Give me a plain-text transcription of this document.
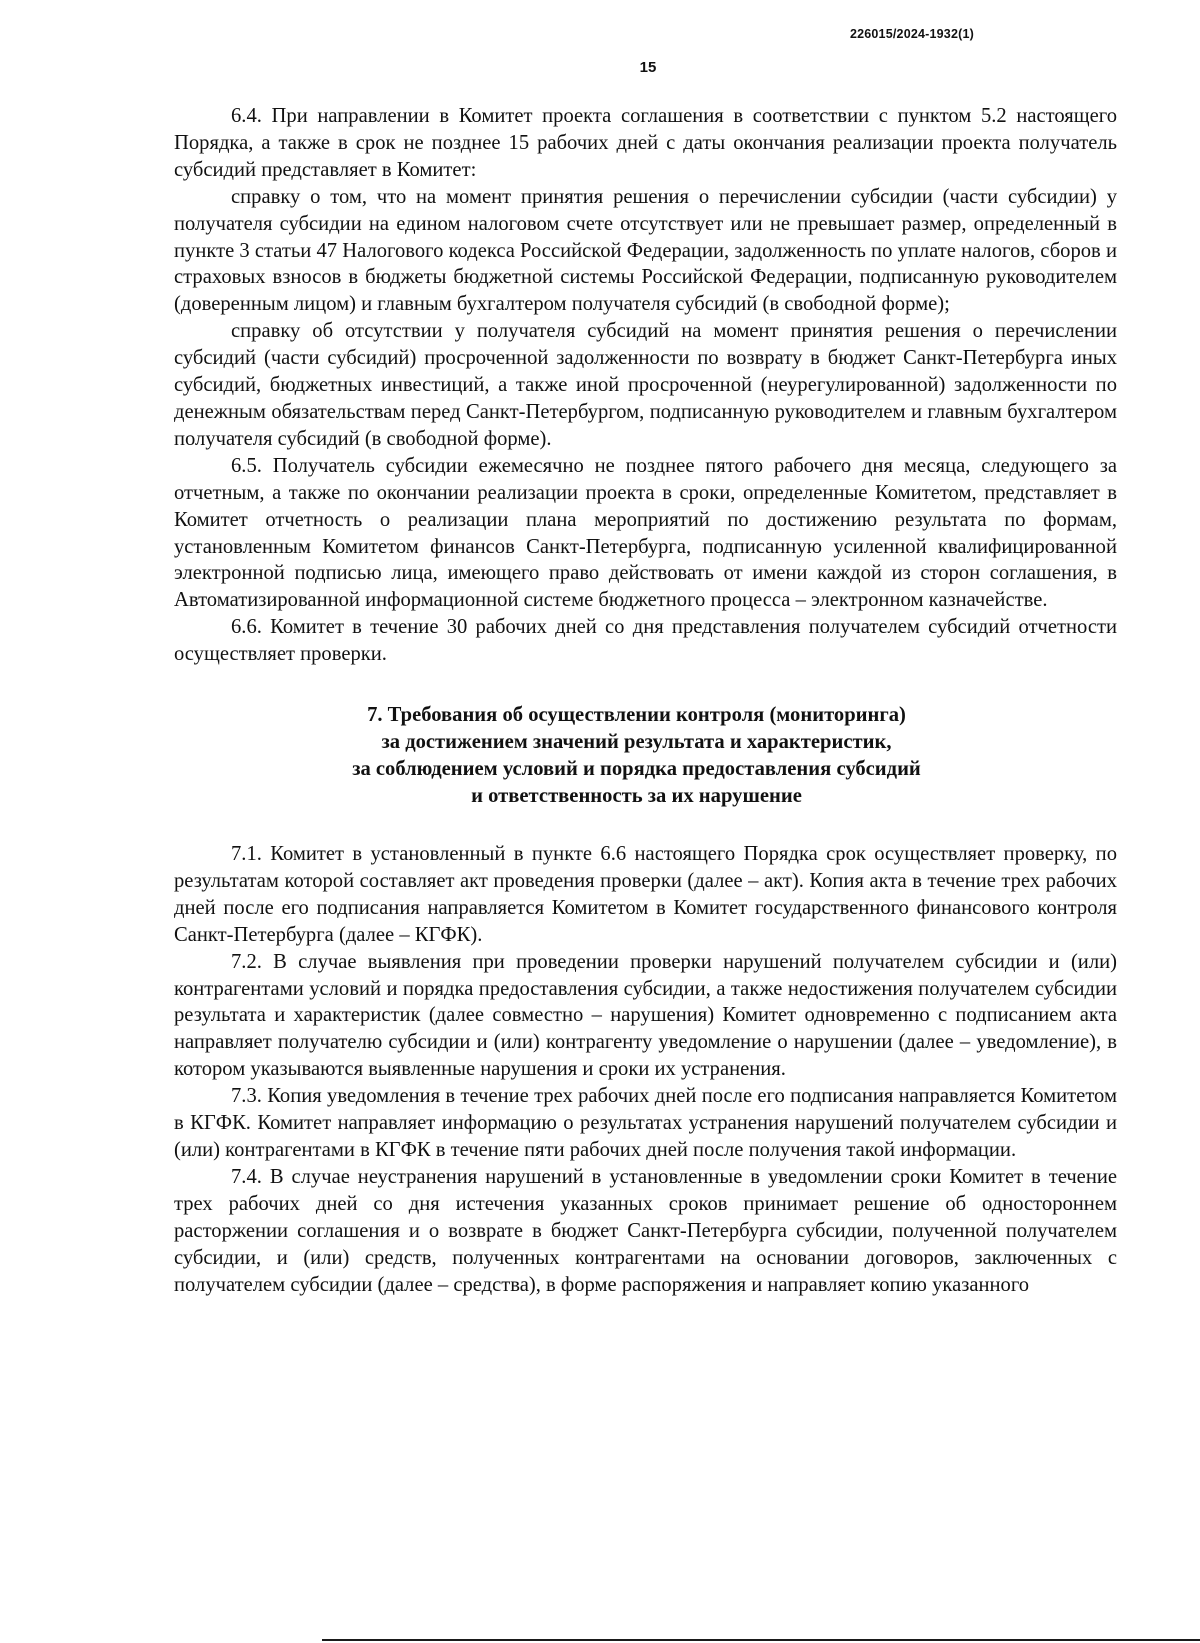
226015/2024-1932(1)
15

6.4. При направлении в Комитет проекта соглашения в соответствии с пунктом 5.2 настоящего Порядка, а также в срок не позднее 15 рабочих дней с даты окончания реализации проекта получатель субсидий представляет в Комитет:

справку о том, что на момент принятия решения о перечислении субсидии (части субсидии) у получателя субсидии на едином налоговом счете отсутствует или не превышает размер, определенный в пункте 3 статьи 47 Налогового кодекса Российской Федерации, задолженность по уплате налогов, сборов и страховых взносов в бюджеты бюджетной системы Российской Федерации, подписанную руководителем (доверенным лицом) и главным бухгалтером получателя субсидий (в свободной форме);

справку об отсутствии у получателя субсидий на момент принятия решения о перечислении субсидий (части субсидий) просроченной задолженности по возврату в бюджет Санкт-Петербурга иных субсидий, бюджетных инвестиций, а также иной просроченной (неурегулированной) задолженности по денежным обязательствам перед Санкт-Петербургом, подписанную руководителем и главным бухгалтером получателя субсидий (в свободной форме).

6.5. Получатель субсидии ежемесячно не позднее пятого рабочего дня месяца, следующего за отчетным, а также по окончании реализации проекта в сроки, определенные Комитетом, представляет в Комитет отчетность о реализации плана мероприятий по достижению результата по формам, установленным Комитетом финансов Санкт-Петербурга, подписанную усиленной квалифицированной электронной подписью лица, имеющего право действовать от имени каждой из сторон соглашения, в Автоматизированной информационной системе бюджетного процесса – электронном казначействе.

6.6. Комитет в течение 30 рабочих дней со дня представления получателем субсидий отчетности осуществляет проверки.

7. Требования об осуществлении контроля (мониторинга)
за достижением значений результата и характеристик,
за соблюдением условий и порядка предоставления субсидий
и ответственность за их нарушение

7.1. Комитет в установленный в пункте 6.6 настоящего Порядка срок осуществляет проверку, по результатам которой составляет акт проведения проверки (далее – акт). Копия акта в течение трех рабочих дней после его подписания направляется Комитетом в Комитет государственного финансового контроля Санкт-Петербурга (далее – КГФК).

7.2. В случае выявления при проведении проверки нарушений получателем субсидии и (или) контрагентами условий и порядка предоставления субсидии, а также недостижения получателем субсидии результата и характеристик (далее совместно – нарушения) Комитет одновременно с подписанием акта направляет получателю субсидии и (или) контрагенту уведомление о нарушении (далее – уведомление), в котором указываются выявленные нарушения и сроки их устранения.

7.3. Копия уведомления в течение трех рабочих дней после его подписания направляется Комитетом в КГФК. Комитет направляет информацию о результатах устранения нарушений получателем субсидии и (или) контрагентами в КГФК в течение пяти рабочих дней после получения такой информации.

7.4. В случае неустранения нарушений в установленные в уведомлении сроки Комитет в течение трех рабочих дней со дня истечения указанных сроков принимает решение об одностороннем расторжении соглашения и о возврате в бюджет Санкт-Петербурга субсидии, полученной получателем субсидии, и (или) средств, полученных контрагентами на основании договоров, заключенных с получателем субсидии (далее – средства), в форме распоряжения и направляет копию указанного
